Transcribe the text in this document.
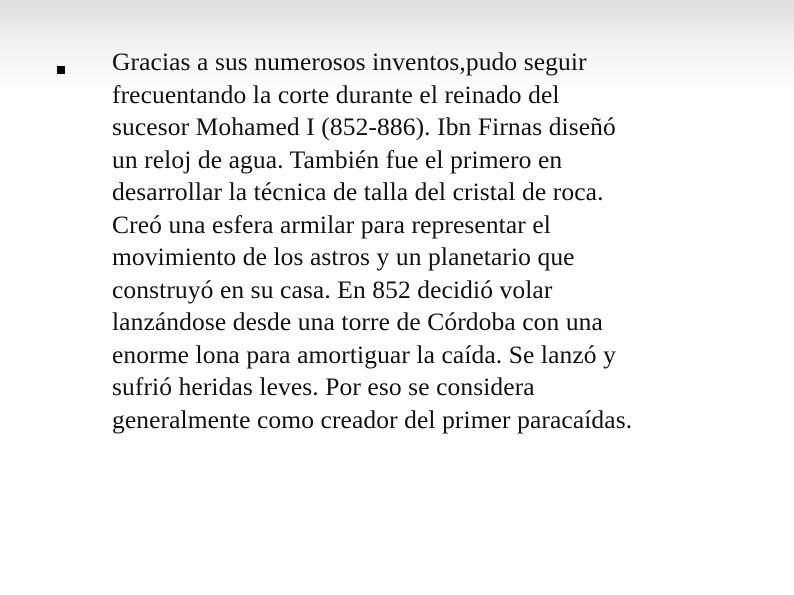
Gracias a sus numerosos inventos,pudo seguir
frecuentando la corte durante el reinado del
sucesor Mohamed I (852-886). Ibn Firnas diseñó
un reloj de agua. También fue el primero en
desarrollar la técnica de talla del cristal de roca.
Creó una esfera armilar para representar el
movimiento de los astros y un planetario que
construyó en su casa. En 852 decidió volar
lanzándose desde una torre de Córdoba con una
enorme lona para amortiguar la caída. Se lanzó y
sufrió heridas leves. Por eso se considera
generalmente como creador del primer paracaídas.
